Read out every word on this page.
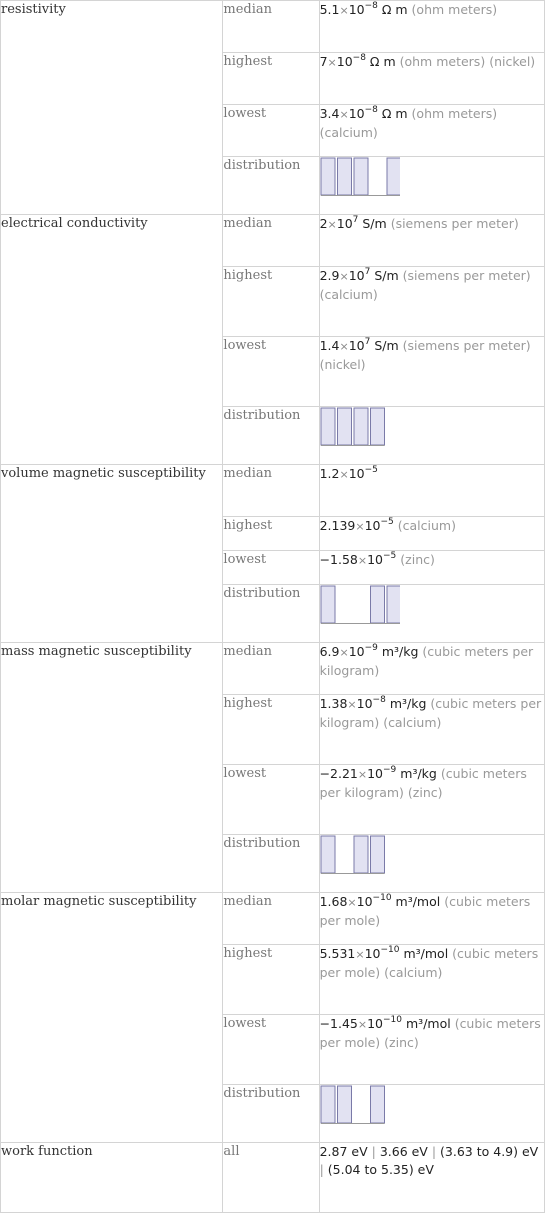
resistivity	median	$5.1\times 10^{-8}$ Ω m (ohm meters)
	highest	$7\times 10^{-8}$ Ω m (ohm meters) (nickel)
	lowest	$3.4\times 10^{-8}$ Ω m (ohm meters) (calcium)
	distribution	

electrical conductivity	median	$2\times 10^7$ S/m (siemens per meter)
	highest	$2.9\times 10^7$ S/m (siemens per meter) (calcium)
	lowest	$1.4\times 10^7$ S/m (siemens per meter) (nickel)
	distribution	

volume magnetic susceptibility	median	$1.2\times 10^{-5}$
	highest	$2.139\times 10^{-5}$ (calcium)
	lowest	$-1.58\times 10^{-5}$ (zinc)
	distribution	

mass magnetic susceptibility	median	$6.9\times 10^{-9}$ m³/kg (cubic meters per kilogram)
	highest	$1.38\times 10^{-8}$ m³/kg (cubic meters per kilogram) (calcium)
	lowest	$-2.21\times 10^{-9}$ m³/kg (cubic meters per kilogram) (zinc)
	distribution	

molar magnetic susceptibility	median	$1.68\times 10^{-10}$ m³/mol (cubic meters per mole)
	highest	$5.531\times 10^{-10}$ m³/mol (cubic meters per mole) (calcium)
	lowest	$-1.45\times 10^{-10}$ m³/mol (cubic meters per mole) (zinc)
	distribution	

work function	all	2.87 eV | 3.66 eV | (3.63 to 4.9) eV | (5.04 to 5.35) eV
